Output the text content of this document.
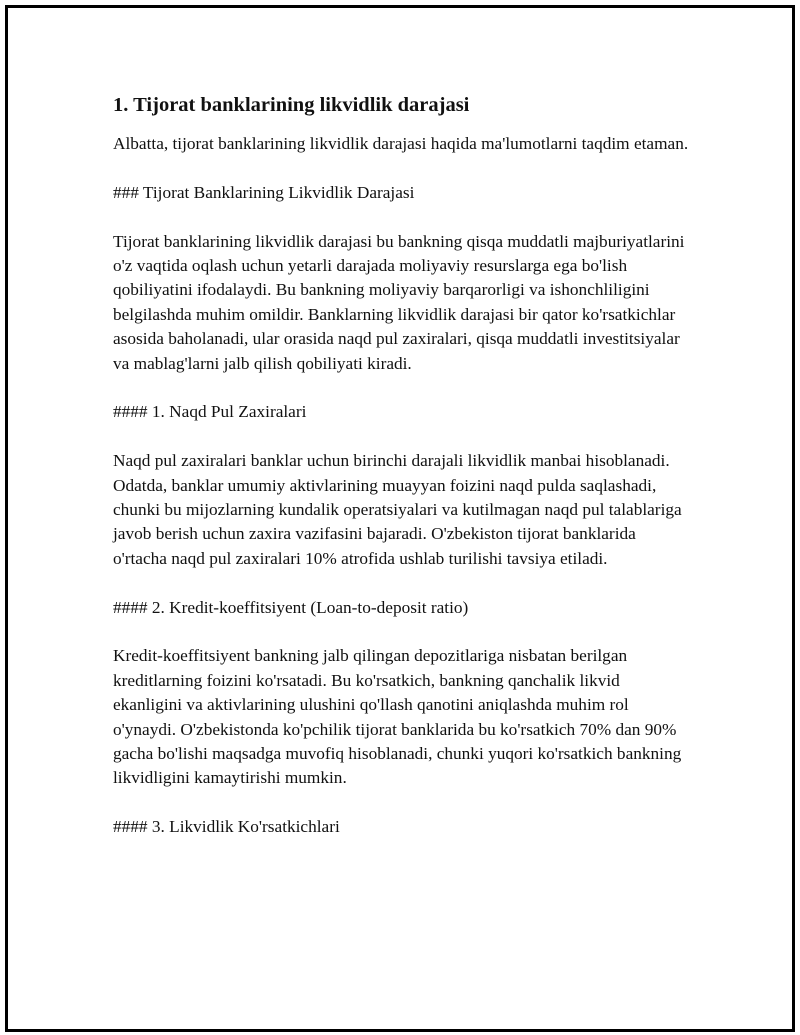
1. Tijorat banklarining likvidlik darajasi

Albatta, tijorat banklarining likvidlik darajasi haqida ma'lumotlarni taqdim etaman.

### Tijorat Banklarining Likvidlik Darajasi

Tijorat banklarining likvidlik darajasi bu bankning qisqa muddatli majburiyatlarini o'z vaqtida oqlash uchun yetarli darajada moliyaviy resurslarga ega bo'lish qobiliyatini ifodalaydi. Bu bankning moliyaviy barqarorligi va ishonchliligini belgilashda muhim omildir. Banklarning likvidlik darajasi bir qator ko'rsatkichlar asosida baholanadi, ular orasida naqd pul zaxiralari, qisqa muddatli investitsiyalar va mablag'larni jalb qilish qobiliyati kiradi.

#### 1. Naqd Pul Zaxiralari

Naqd pul zaxiralari banklar uchun birinchi darajali likvidlik manbai hisoblanadi. Odatda, banklar umumiy aktivlarining muayyan foizini naqd pulda saqlashadi, chunki bu mijozlarning kundalik operatsiyalari va kutilmagan naqd pul talablariga javob berish uchun zaxira vazifasini bajaradi. O'zbekiston tijorat banklarida o'rtacha naqd pul zaxiralari 10% atrofida ushlab turilishi tavsiya etiladi.

#### 2. Kredit-koeffitsiyent (Loan-to-deposit ratio)

Kredit-koeffitsiyent bankning jalb qilingan depozitlariga nisbatan berilgan kreditlarning foizini ko'rsatadi. Bu ko'rsatkich, bankning qanchalik likvid ekanligini va aktivlarining ulushini qo'llash qanotini aniqlashda muhim rol o'ynaydi. O'zbekistonda ko'pchilik tijorat banklarida bu ko'rsatkich 70% dan 90% gacha bo'lishi maqsadga muvofiq hisoblanadi, chunki yuqori ko'rsatkich bankning likvidligini kamaytirishi mumkin.

#### 3. Likvidlik Ko'rsatkichlari
